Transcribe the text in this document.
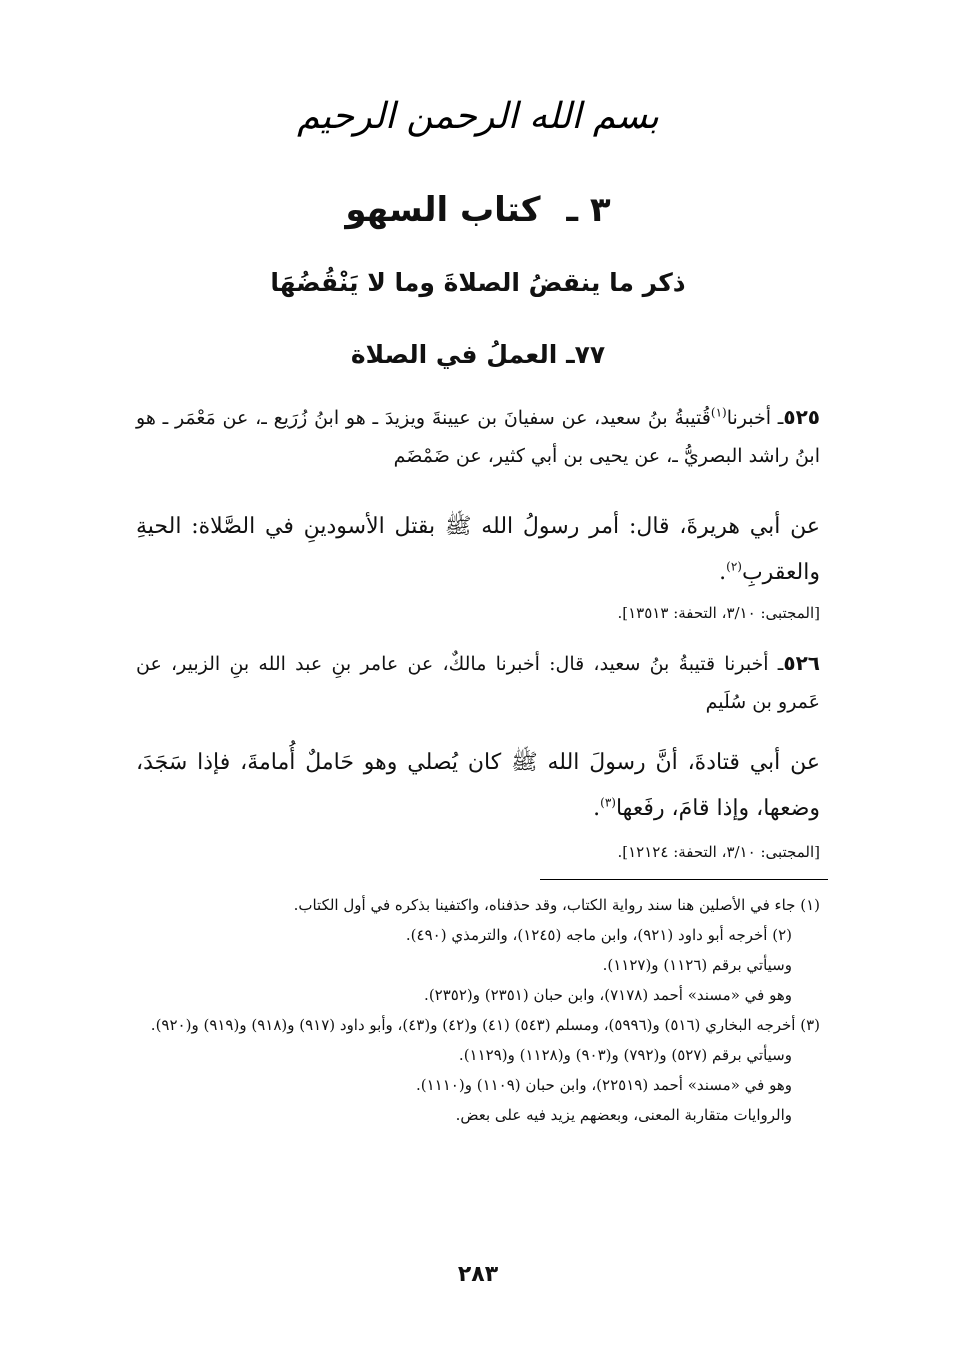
بسم الله الرحمن الرحيم
٣ ـ كتاب السهو
ذكر ما ينقضُ الصلاةَ وما لا يَنْقُضُهَا
٧٧ـ العملُ في الصلاة
٥٢٥ـ أخبرنا$^{(١)}$قُتيبةُ بنُ سعيد، عن سفيانَ بن عيينةَ ويزيدَ ـ هو ابنُ زُرَيع ـ، عن مَعْمَر ـ هو ابنُ راشد البصريُّ ـ، عن يحيى بن أبي كثير، عن ضَمْضَم
عن أبي هريرةَ، قال: أمر رسولُ الله ﷺ بقتل الأسودينِ في الصَّلاة: الحيةِ والعقربِ$^{(٢)}$.
[المجتبى: ٣/١٠، التحفة: ١٣٥١٣].
٥٢٦ـ أخبرنا قتيبةُ بنُ سعيد، قال: أخبرنا مالكٌ، عن عامر بنِ عبد الله بنِ الزبير، عن عَمرو بن سُلَيم
عن أبي قتادةَ، أنَّ رسولَ الله ﷺ كان يُصلي وهو حَاملٌ أُمامةَ، فإذا سَجَدَ، وضعها، وإذا قامَ، رفَعها$^{(٣)}$.
[المجتبى: ٣/١٠، التحفة: ١٢١٢٤].

(١) جاء في الأصلين هنا سند رواية الكتاب، وقد حذفناه، واكتفينا بذكره في أول الكتاب.

(٢) أخرجه أبو داود (٩٢١)، وابن ماجه (١٢٤٥)، والترمذي (٤٩٠).

وسيأتي برقم (١١٢٦) و(١١٢٧).

وهو في «مسند» أحمد (٧١٧٨)، وابن حبان (٢٣٥١) و(٢٣٥٢).

(٣) أخرجه البخاري (٥١٦) و(٥٩٩٦)، ومسلم (٥٤٣) (٤١) و(٤٢) و(٤٣)، وأبو داود (٩١٧) و(٩١٨) و(٩١٩) و(٩٢٠).

وسيأتي برقم (٥٢٧) و(٧٩٢) و(٩٠٣) و(١١٢٨) و(١١٢٩).

وهو في «مسند» أحمد (٢٢٥١٩)، وابن حبان (١١٠٩) و(١١١٠).

والروايات متقاربة المعنى، وبعضهم يزيد فيه على بعض.

٢٨٣
